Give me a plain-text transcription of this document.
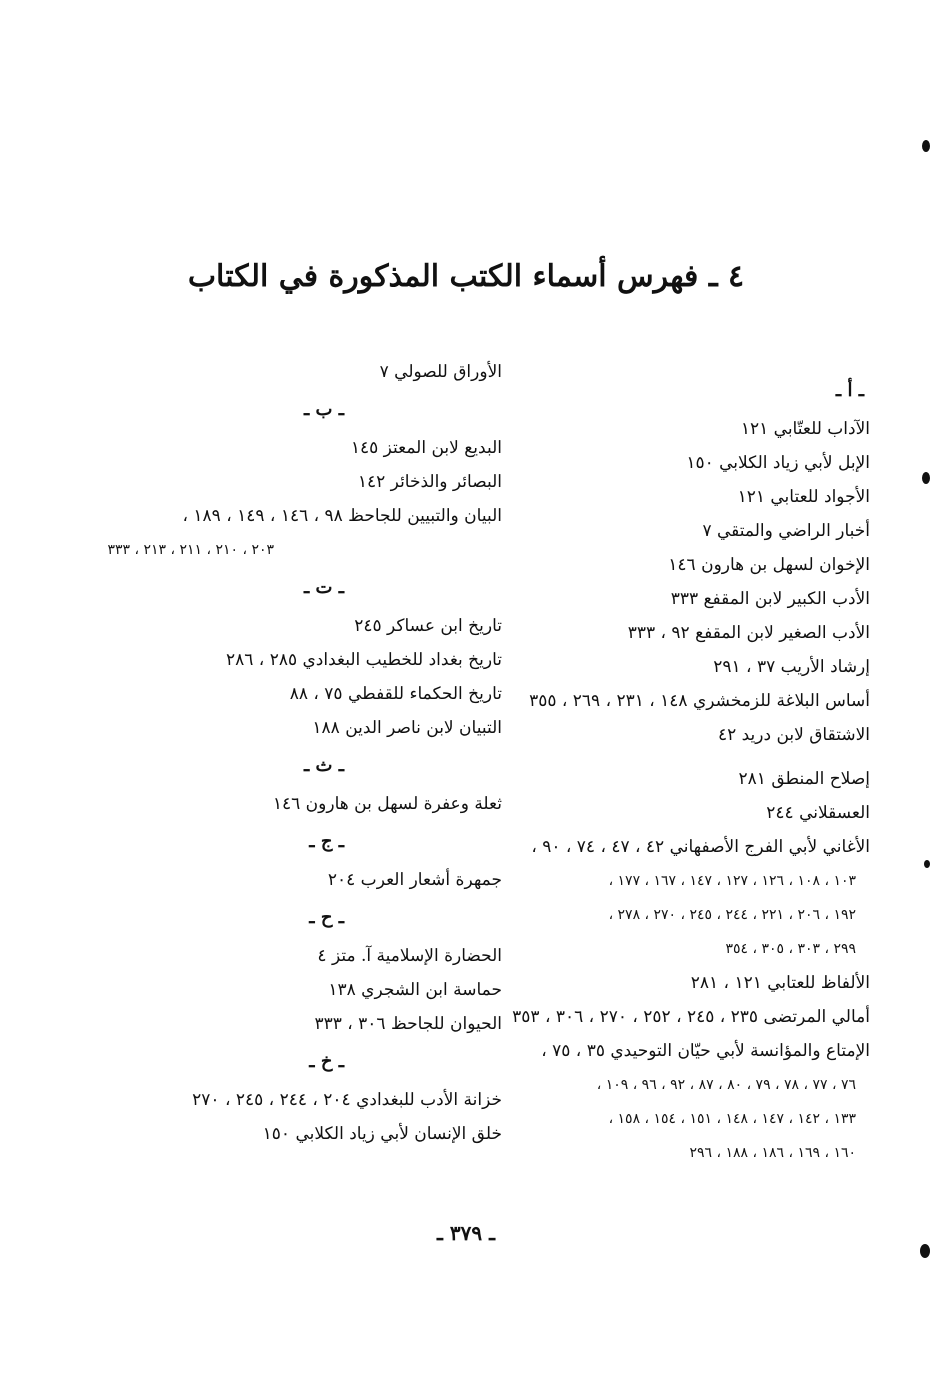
٤ ـ فهرس أسماء الكتب المذكورة في الكتاب
ـ أ ـ
الآداب للعتّابي ١٢١
الإبل لأبي زياد الكلابي ١٥٠
الأجواد للعتابي ١٢١
أخبار الراضي والمتقي ٧
الإخوان لسهل بن هارون ١٤٦
الأدب الكبير لابن المقفع ٣٣٣
الأدب الصغير لابن المقفع ٩٢ ، ٣٣٣
إرشاد الأريب ٣٧ ، ٢٩١
أساس البلاغة للزمخشري ١٤٨ ، ٢٣١ ، ٢٦٩ ، ٣٥٥
الاشتقاق لابن دريد ٤٢
إصلاح المنطق ٢٨١
العسقلاني ٢٤٤
الأغاني لأبي الفرج الأصفهاني ٤٢ ، ٤٧ ، ٧٤ ، ٩٠ ،
١٠٣ ، ١٠٨ ، ١٢٦ ، ١٢٧ ، ١٤٧ ، ١٦٧ ، ١٧٧ ،
١٩٢ ، ٢٠٦ ، ٢٢١ ، ٢٤٤ ، ٢٤٥ ، ٢٧٠ ، ٢٧٨ ،
٢٩٩ ، ٣٠٣ ، ٣٠٥ ، ٣٥٤
الألفاظ للعتابي ١٢١ ، ٢٨١
أمالي المرتضى ٢٣٥ ، ٢٤٥ ، ٢٥٢ ، ٢٧٠ ، ٣٠٦ ، ٣٥٣
الإمتاع والمؤانسة لأبي حيّان التوحيدي ٣٥ ، ٧٥ ،
٧٦ ، ٧٧ ، ٧٨ ، ٧٩ ، ٨٠ ، ٨٧ ، ٩٢ ، ٩٦ ، ١٠٩ ،
١٣٣ ، ١٤٢ ، ١٤٧ ، ١٤٨ ، ١٥١ ، ١٥٤ ، ١٥٨ ،
١٦٠ ، ١٦٩ ، ١٨٦ ، ١٨٨ ، ٢٩٦
الأوراق للصولي ٧
ـ ب ـ
البديع لابن المعتز ١٤٥
البصائر والذخائر ١٤٢
البيان والتبيين للجاحظ ٩٨ ، ١٤٦ ، ١٤٩ ، ١٨٩ ،
٢٠٣ ، ٢١٠ ، ٢١١ ، ٢١٣ ، ٣٣٣
ـ ت ـ
تاريخ ابن عساكر ٢٤٥
تاريخ بغداد للخطيب البغدادي ٢٨٥ ، ٢٨٦
تاريخ الحكماء للقفطي ٧٥ ، ٨٨
التبيان لابن ناصر الدين ١٨٨
ـ ث ـ
ثعلة وعفرة لسهل بن هارون ١٤٦
ـ ج ـ
جمهرة أشعار العرب ٢٠٤
ـ ح ـ
الحضارة الإسلامية آ. متز ٤
حماسة ابن الشجري ١٣٨
الحيوان للجاحظ ٣٠٦ ، ٣٣٣
ـ خ ـ
خزانة الأدب للبغدادي ٢٠٤ ، ٢٤٤ ، ٢٤٥ ، ٢٧٠
خلق الإنسان لأبي زياد الكلابي ١٥٠
ـ ٣٧٩ ـ
